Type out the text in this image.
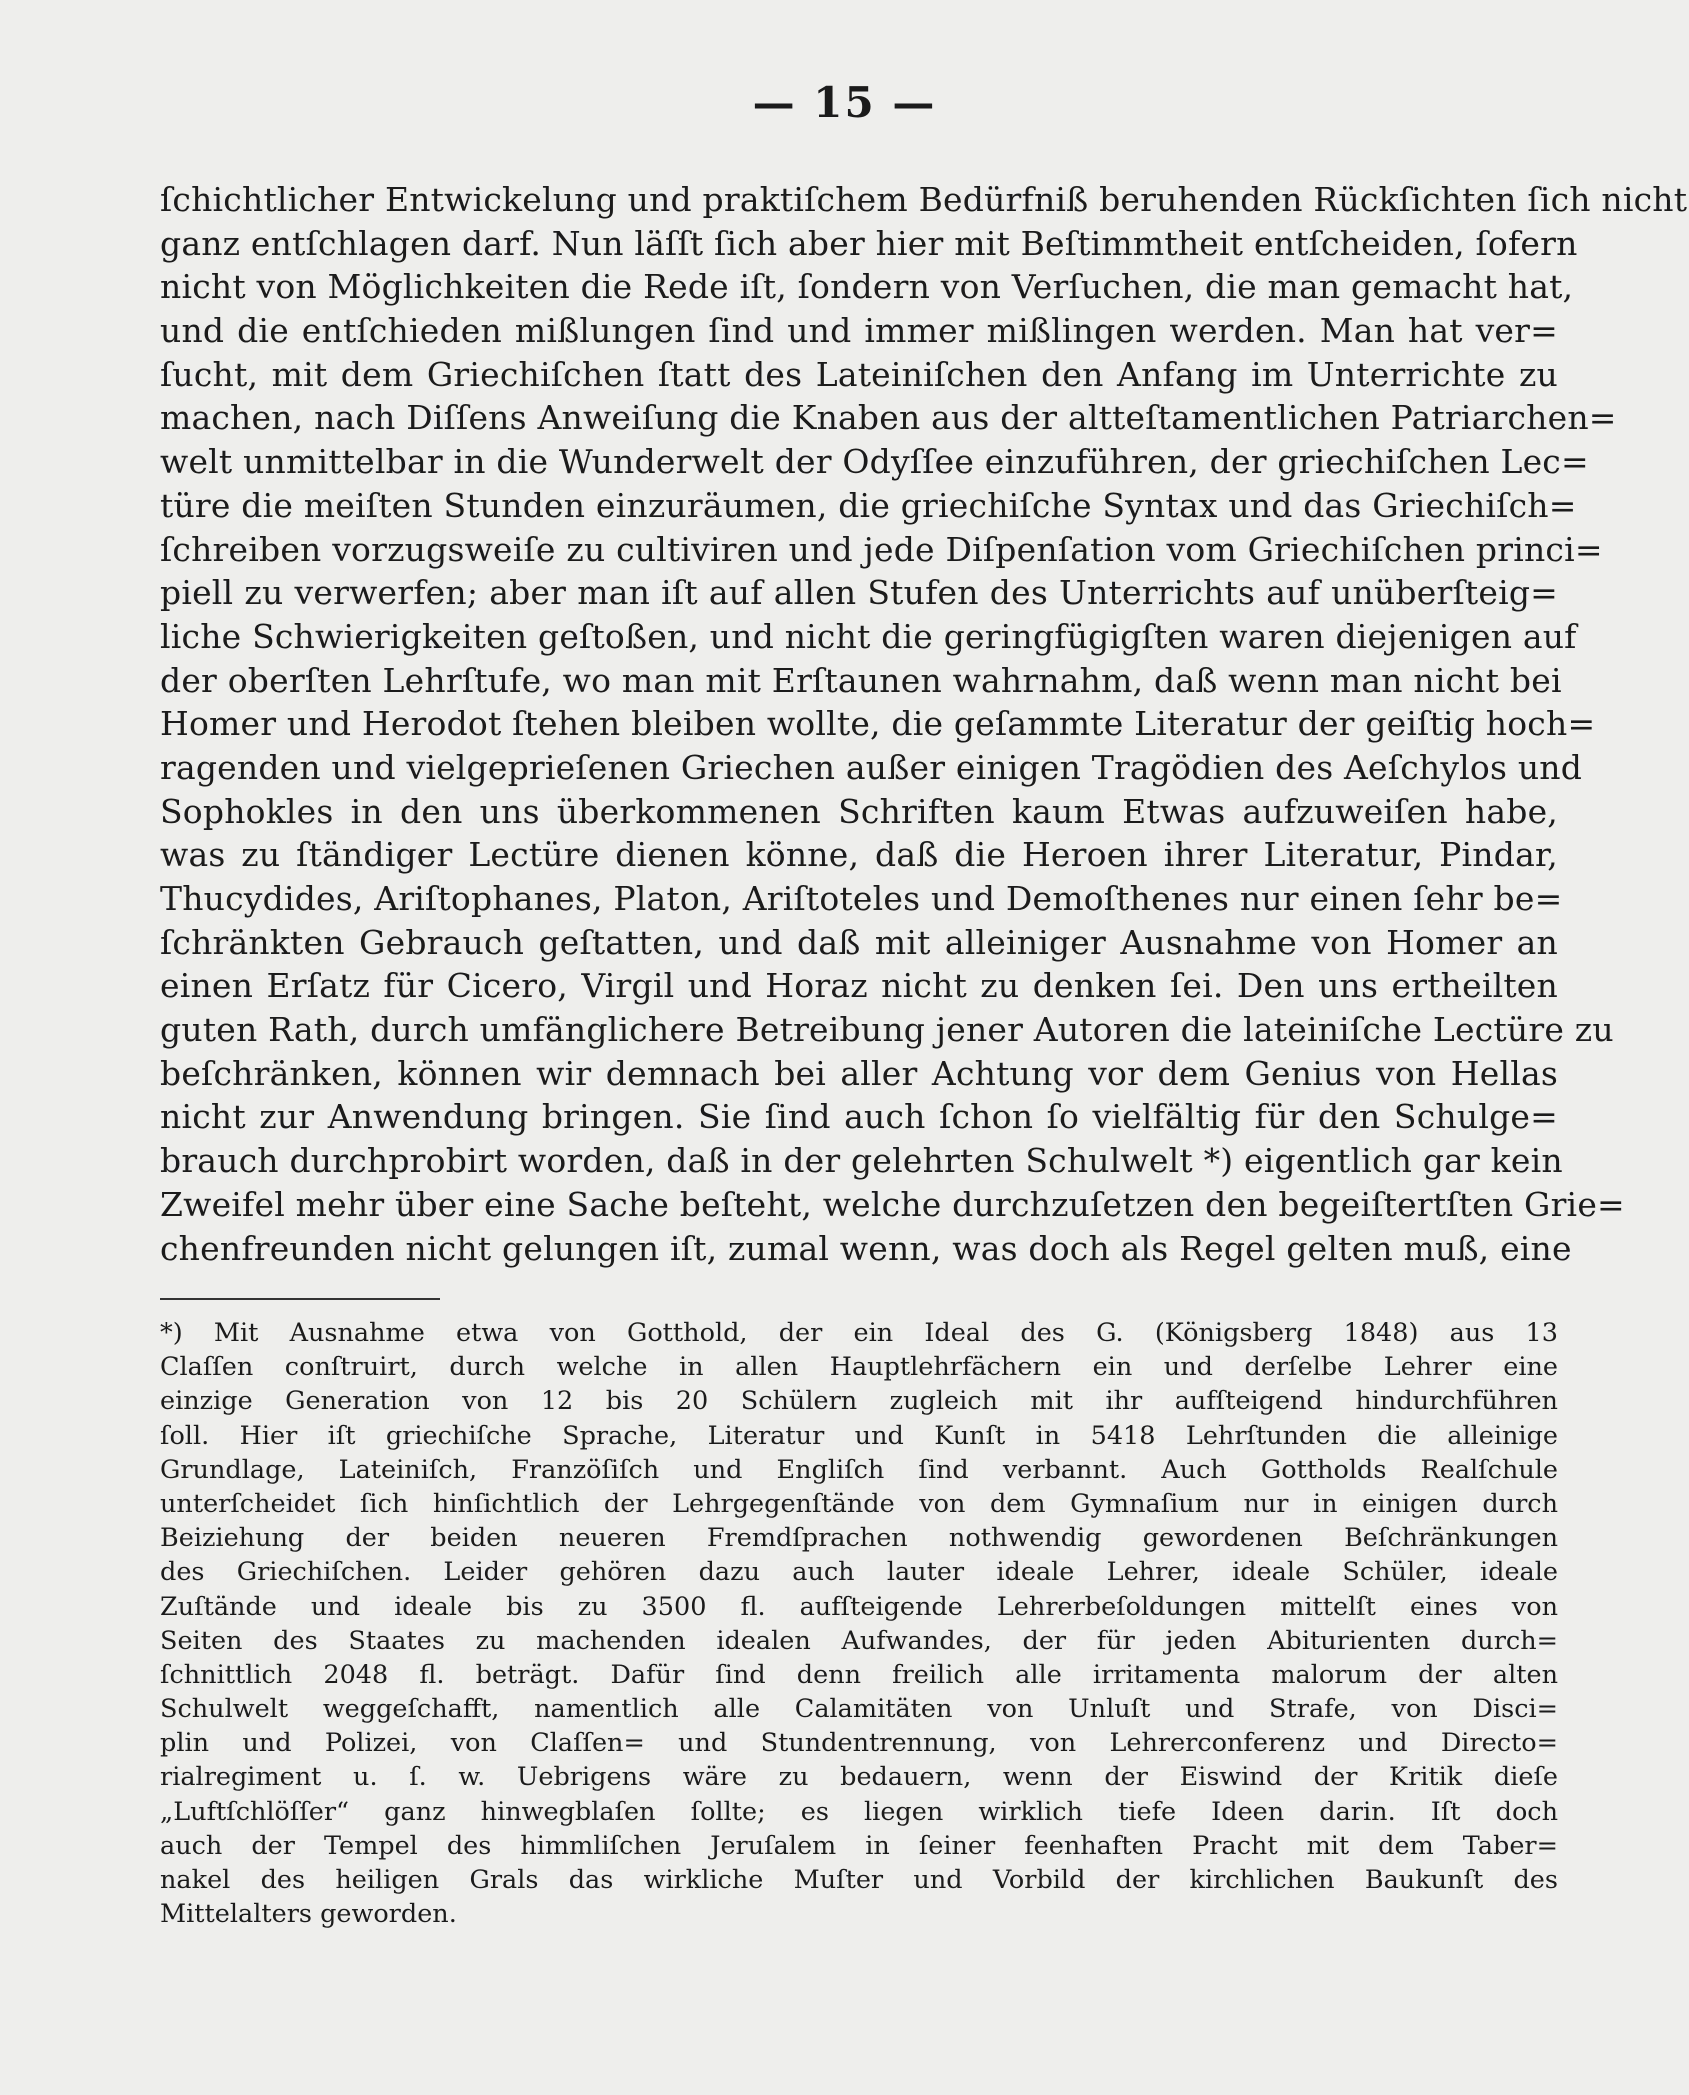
— 15 —
ſchichtlicher Entwickelung und praktiſchem Bedürfniß beruhenden Rückſichten ſich nicht
ganz entſchlagen darf. Nun läſſt ſich aber hier mit Beſtimmtheit entſcheiden, ſofern
nicht von Möglichkeiten die Rede iſt, ſondern von Verſuchen, die man gemacht hat,
und die entſchieden mißlungen ſind und immer mißlingen werden. Man hat ver=
ſucht, mit dem Griechiſchen ſtatt des Lateiniſchen den Anfang im Unterrichte zu
machen, nach Diſſens Anweiſung die Knaben aus der altteſtamentlichen Patriarchen=
welt unmittelbar in die Wunderwelt der Odyſſee einzuführen, der griechiſchen Lec=
türe die meiſten Stunden einzuräumen, die griechiſche Syntax und das Griechiſch=
ſchreiben vorzugsweiſe zu cultiviren und jede Diſpenſation vom Griechiſchen princi=
piell zu verwerfen; aber man iſt auf allen Stufen des Unterrichts auf unüberſteig=
liche Schwierigkeiten geſtoßen, und nicht die geringfügigſten waren diejenigen auf
der oberſten Lehrſtufe, wo man mit Erſtaunen wahrnahm, daß wenn man nicht bei
Homer und Herodot ſtehen bleiben wollte, die geſammte Literatur der geiſtig hoch=
ragenden und vielgeprieſenen Griechen außer einigen Tragödien des Aeſchylos und
Sophokles in den uns überkommenen Schriften kaum Etwas aufzuweiſen habe,
was zu ſtändiger Lectüre dienen könne, daß die Heroen ihrer Literatur, Pindar,
Thucydides, Ariſtophanes, Platon, Ariſtoteles und Demoſthenes nur einen ſehr be=
ſchränkten Gebrauch geſtatten, und daß mit alleiniger Ausnahme von Homer an
einen Erſatz für Cicero, Virgil und Horaz nicht zu denken ſei. Den uns ertheilten
guten Rath, durch umfänglichere Betreibung jener Autoren die lateiniſche Lectüre zu
beſchränken, können wir demnach bei aller Achtung vor dem Genius von Hellas
nicht zur Anwendung bringen. Sie ſind auch ſchon ſo vielfältig für den Schulge=
brauch durchprobirt worden, daß in der gelehrten Schulwelt *) eigentlich gar kein
Zweifel mehr über eine Sache beſteht, welche durchzuſetzen den begeiſtertſten Grie=
chenfreunden nicht gelungen iſt, zumal wenn, was doch als Regel gelten muß, eine
*) Mit Ausnahme etwa von Gotthold, der ein Ideal des G. (Königsberg 1848) aus 13
Claſſen conſtruirt, durch welche in allen Hauptlehrfächern ein und derſelbe Lehrer eine
einzige Generation von 12 bis 20 Schülern zugleich mit ihr aufſteigend hindurchführen
ſoll. Hier iſt griechiſche Sprache, Literatur und Kunſt in 5418 Lehrſtunden die alleinige
Grundlage, Lateiniſch, Franzöſiſch und Engliſch ſind verbannt. Auch Gottholds Realſchule
unterſcheidet ſich hinſichtlich der Lehrgegenſtände von dem Gymnaſium nur in einigen durch
Beiziehung der beiden neueren Fremdſprachen nothwendig gewordenen Beſchränkungen
des Griechiſchen. Leider gehören dazu auch lauter ideale Lehrer, ideale Schüler, ideale
Zuſtände und ideale bis zu 3500 fl. aufſteigende Lehrerbeſoldungen mittelſt eines von
Seiten des Staates zu machenden idealen Aufwandes, der für jeden Abiturienten durch=
ſchnittlich 2048 fl. beträgt. Dafür ſind denn freilich alle irritamenta malorum der alten
Schulwelt weggeſchafft, namentlich alle Calamitäten von Unluſt und Strafe, von Disci=
plin und Polizei, von Claſſen= und Stundentrennung, von Lehrerconferenz und Directo=
rialregiment u. ſ. w. Uebrigens wäre zu bedauern, wenn der Eiswind der Kritik dieſe
„Luftſchlöſſer“ ganz hinwegblaſen ſollte; es liegen wirklich tiefe Ideen darin. Iſt doch
auch der Tempel des himmliſchen Jeruſalem in ſeiner feenhaften Pracht mit dem Taber=
nakel des heiligen Grals das wirkliche Muſter und Vorbild der kirchlichen Baukunſt des
Mittelalters geworden.
